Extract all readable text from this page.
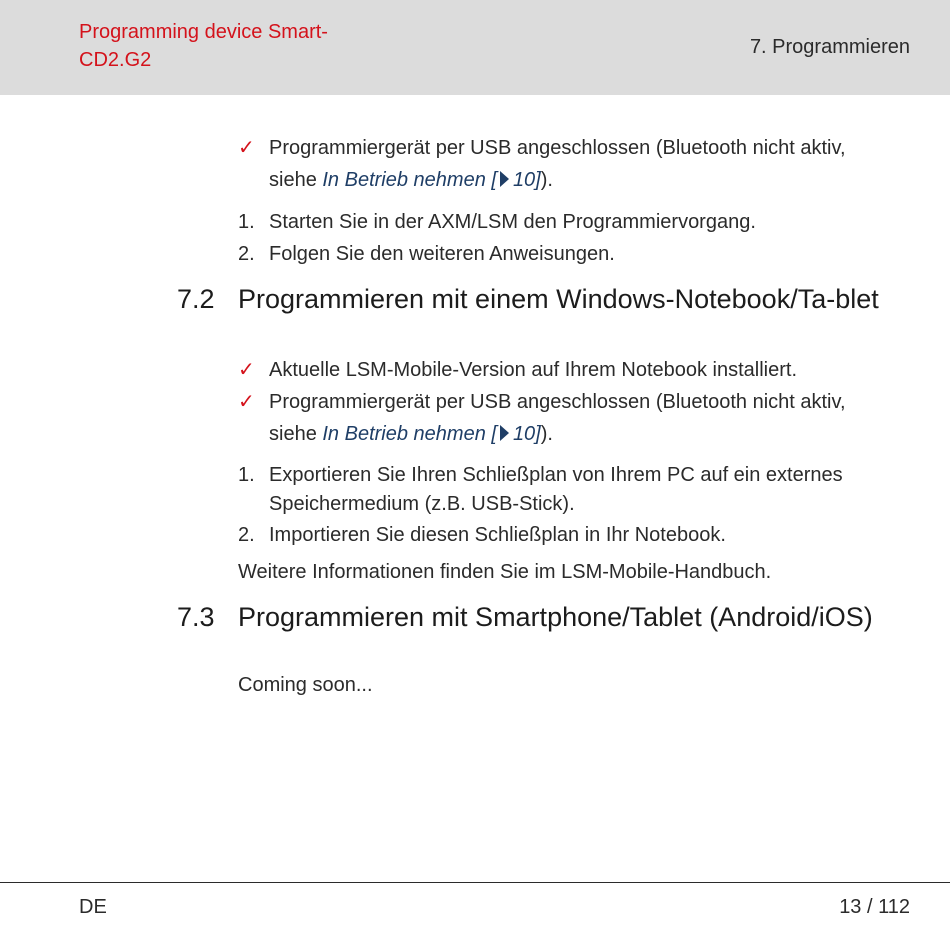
Programming device Smart-CD2.G2
7. Programmieren
✓ Programmiergerät per USB angeschlossen (Bluetooth nicht aktiv, siehe In Betrieb nehmen [ 10]).
1. Starten Sie in der AXM/LSM den Programmiervorgang.
2. Folgen Sie den weiteren Anweisungen.
7.2 Programmieren mit einem Windows-Notebook/Ta-blet
✓ Aktuelle LSM-Mobile-Version auf Ihrem Notebook installiert.
✓ Programmiergerät per USB angeschlossen (Bluetooth nicht aktiv, siehe In Betrieb nehmen [ 10]).
1. Exportieren Sie Ihren Schließplan von Ihrem PC auf ein externes Speichermedium (z.B. USB-Stick).
2. Importieren Sie diesen Schließplan in Ihr Notebook.
Weitere Informationen finden Sie im LSM-Mobile-Handbuch.
7.3 Programmieren mit Smartphone/Tablet (Android/iOS)
Coming soon...
DE	13 / 112
